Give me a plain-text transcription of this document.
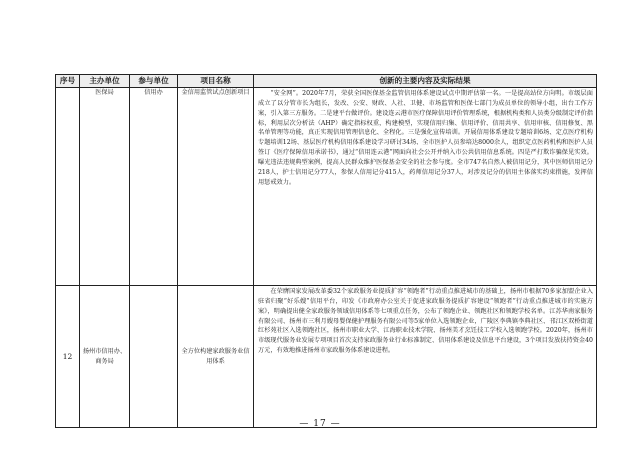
序号	主办单位	参与单位	项目名称	创新的主要内容及实际结果
	医保局	信用办	金信用监管试点创新项目	“安全网”。2020年7月，荣获全国医保基金监管信用体系建设试点中期评估第一名。一是提高站位方向明。市级层面成立了以分管市长为组长，发改、公安、财政、人社、卫健、市场监管和医保七部门为成员单位的领导小组，出台工作方案，引入第三方服务。二是建平台做评价。建设连云港市医疗保障信用评价管理系统，根据机构类和人员类分级制定评价指标，利用层次分析法（AHP）确定指标权重，构建模型，实现信用归集、信用评价、信用共享、信用审核、信用修复、黑名单管理等功能，真正实现信用管理信息化、全程化。三是强化宣传培训。开展信用体系建设专题培训6场、定点医疗机构专题培训12场、基层医疗机构信用体系建设学习研讨34场、全市医护人员参培达8000余人，组织定点医药机构和医护人员签订《医疗保障信用承诺书》，通过“信用连云港”网面向社会公开并纳入市公共信用信息系统。四是严打欺诈骗保见实效。曝光违法违规典型案例，提高人民群众维护医保基金安全的社会参与度。全市747名自然人被信用记分，其中医师信用记分218人，护士信用记分77人，参保人信用记分415人，药师信用记分37人，对涉及记分的信用主体落实约束措施，发挥信用惩戒效力。

12	扬州市信用办、商务局		全方位构建家政服务业信用体系	在荣膺国家发展改革委32个家政服务业提质扩容“领跑者”行动重点推进城市的基础上，扬州市根据70多家加盟企业入驻省归聚“好乐嫂”信用平台，印发《市政府办公室关于促进家政服务提质扩容建设“领跑者”行动重点推进城市的实施方案》，明确提出健全家政服务领域信用体系等七项重点任务，公布了领跑企业、领跑社区和领跑学校名单。江苏华南家服务有限公司、扬州市三利月嫂母婴保健护理服务有限公司等5家单位入选领跑企业，广陵区李典镇李典社区、邗江区双桥街道红杉苑社区入选领跑社区，扬州市职业大学、江海职业技术学院、扬州美才烹饪技工学校入选领跑学校。2020年，扬州市市级现代服务业发展专项项目首次支持家政服务业行业标准制定、信用体系建设及信息平台建设，3个项目发放扶持资金40万元，有效地推进扬州市家政服务体系建设进程。

— 17 —
